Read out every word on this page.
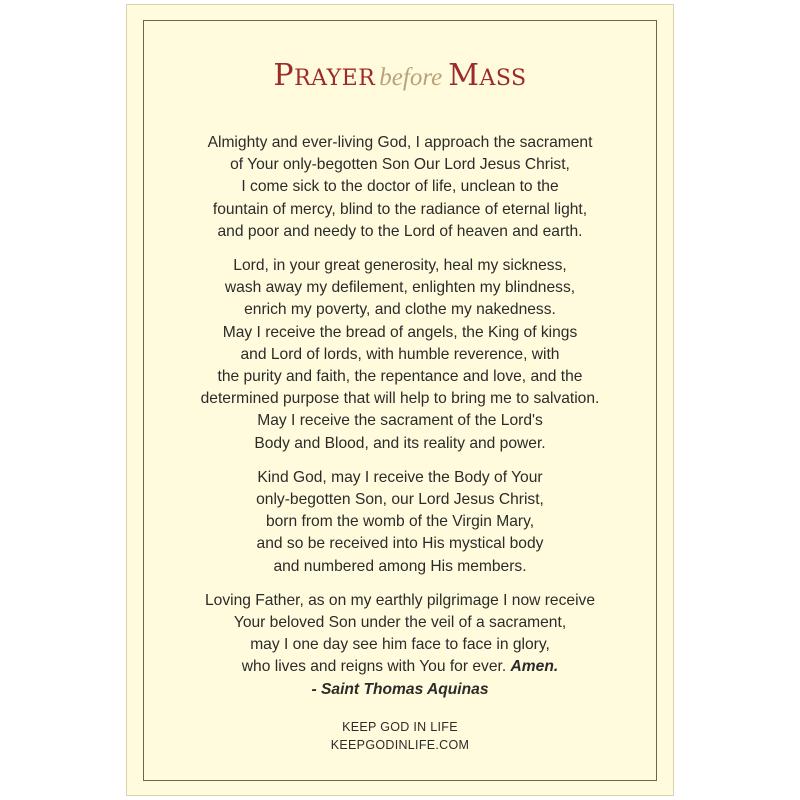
PRAYER before MASS

Almighty and ever-living God, I approach the sacrament
of Your only-begotten Son Our Lord Jesus Christ,
I come sick to the doctor of life, unclean to the
fountain of mercy, blind to the radiance of eternal light,
and poor and needy to the Lord of heaven and earth.

Lord, in your great generosity, heal my sickness,
wash away my defilement, enlighten my blindness,
enrich my poverty, and clothe my nakedness.
May I receive the bread of angels, the King of kings
and Lord of lords, with humble reverence, with
the purity and faith, the repentance and love, and the
determined purpose that will help to bring me to salvation.
May I receive the sacrament of the Lord's
Body and Blood, and its reality and power.

Kind God, may I receive the Body of Your
only-begotten Son, our Lord Jesus Christ,
born from the womb of the Virgin Mary,
and so be received into His mystical body
and numbered among His members.

Loving Father, as on my earthly pilgrimage I now receive
Your beloved Son under the veil of a sacrament,
may I one day see him face to face in glory,
who lives and reigns with You for ever. Amen.
- Saint Thomas Aquinas

KEEP GOD IN LIFE
KEEPGODINLIFE.COM
